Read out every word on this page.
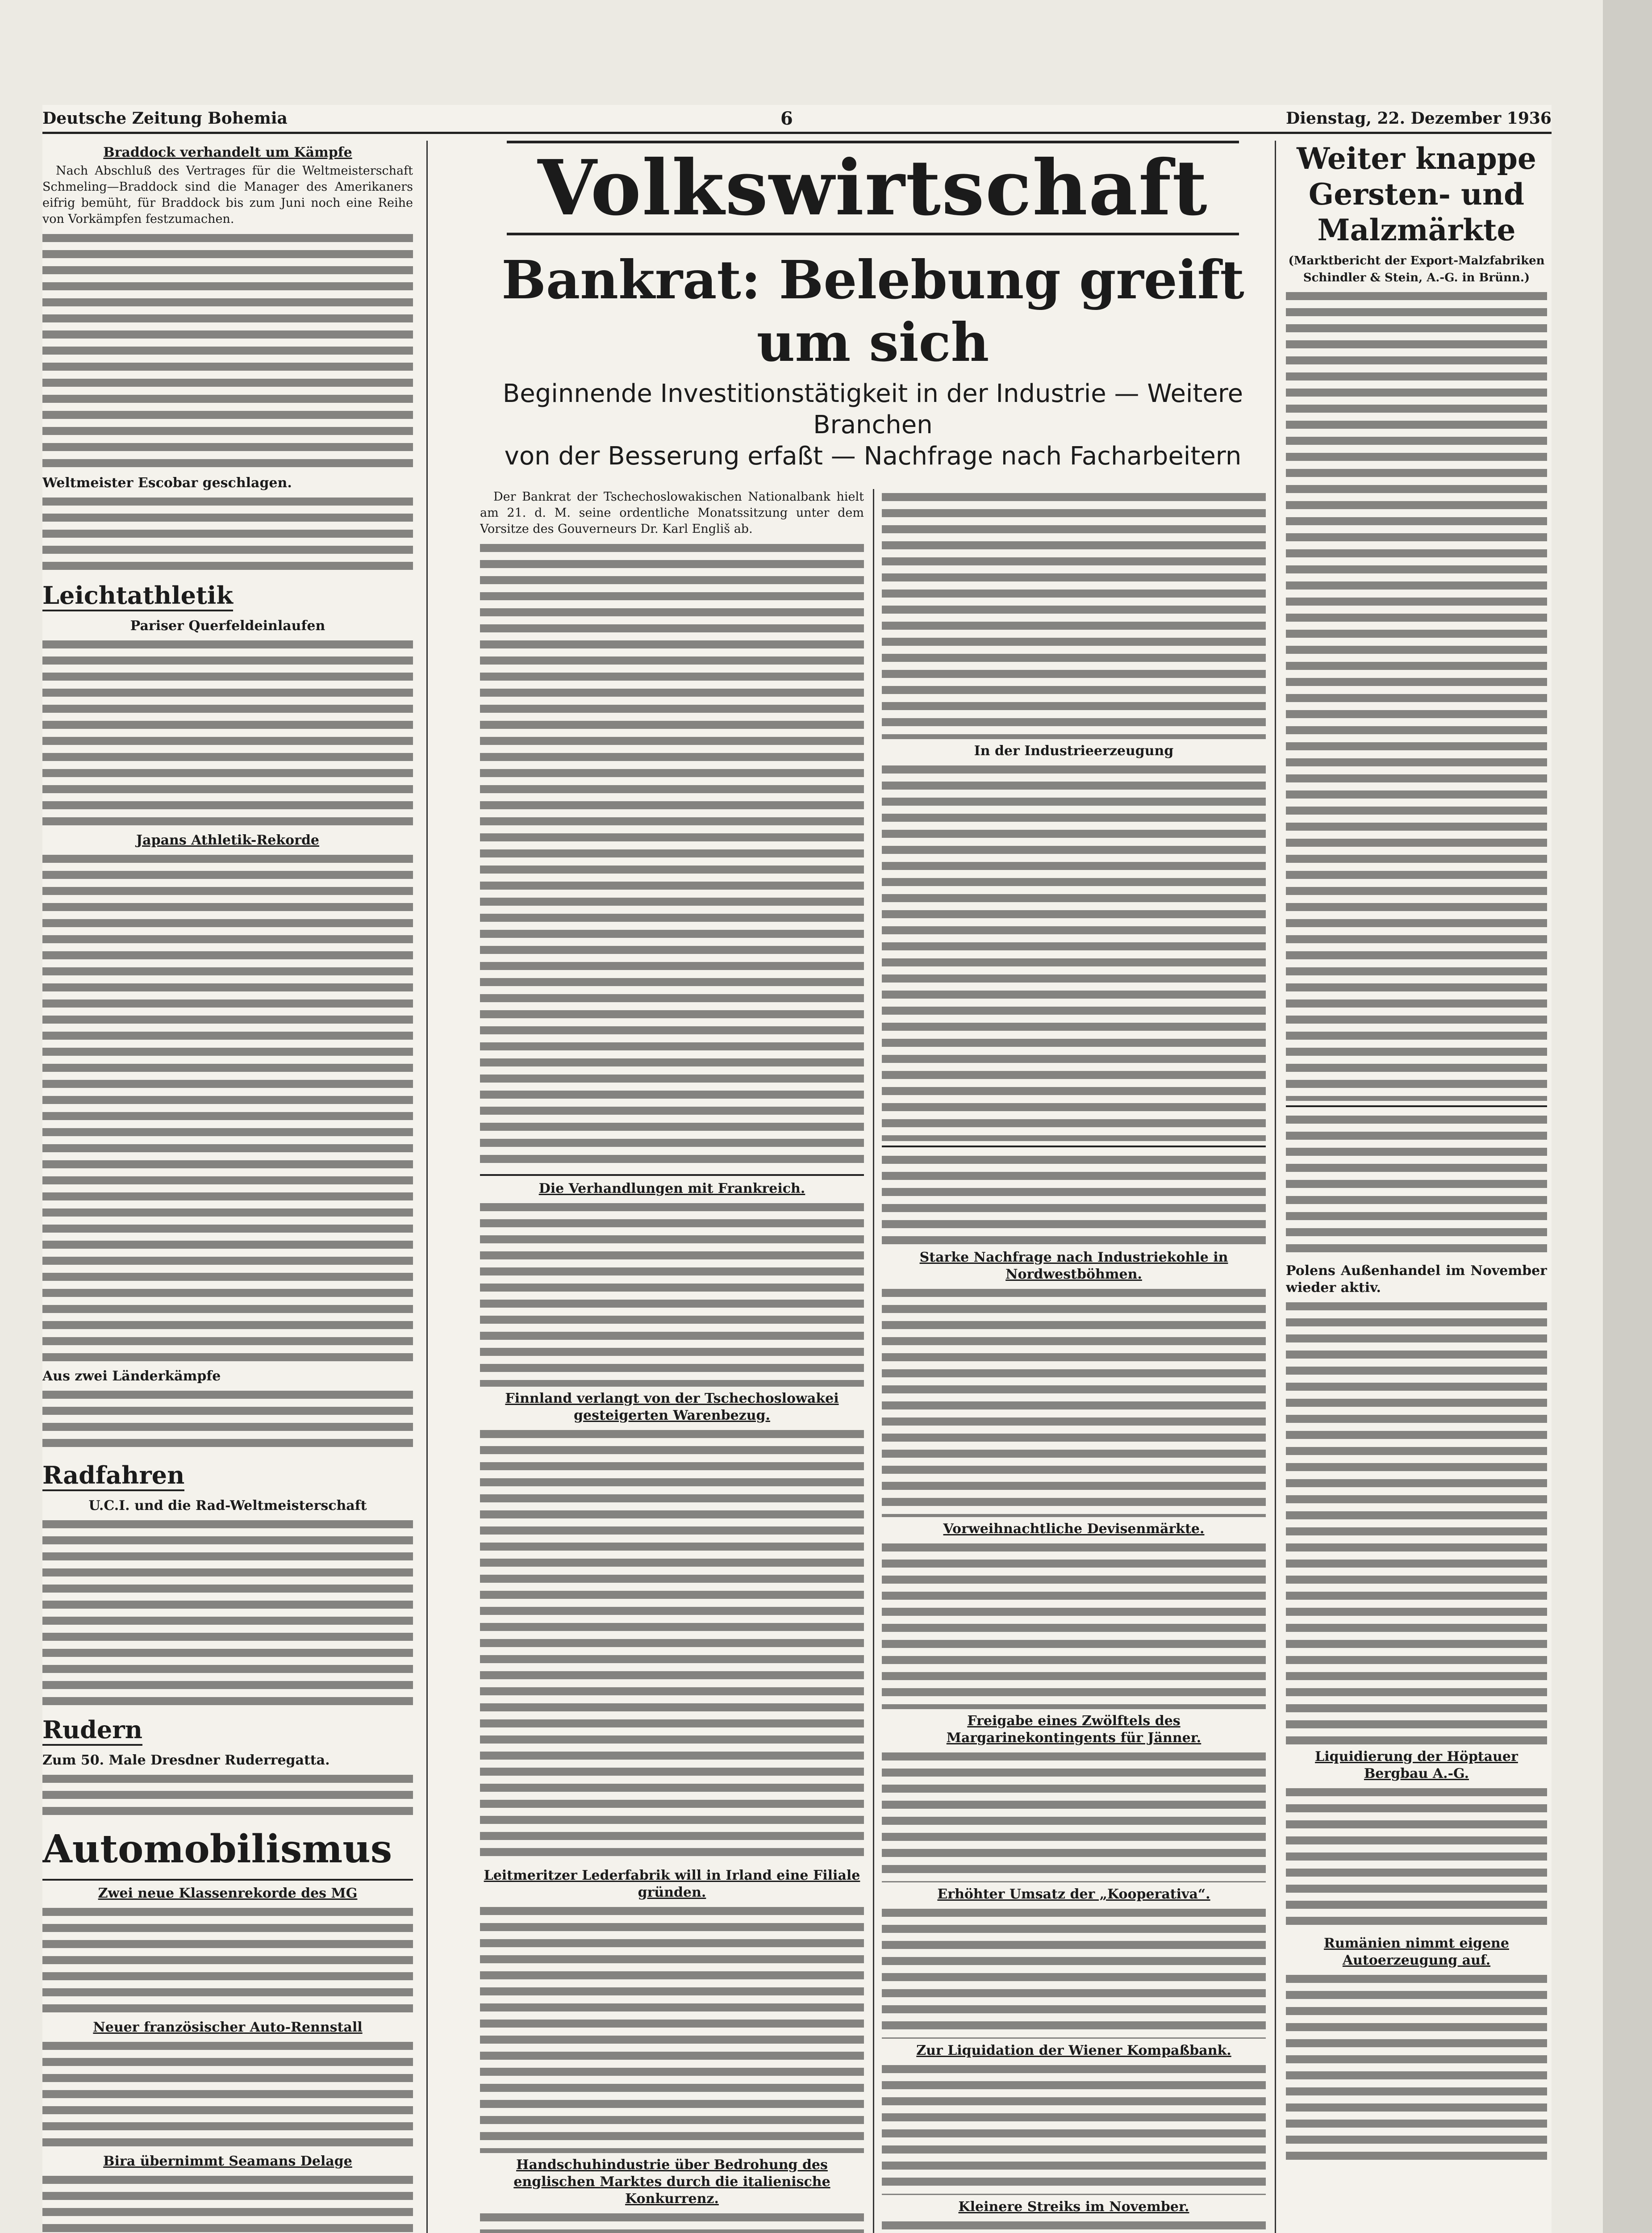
Deutsche Zeitung Bohemia	6	Dienstag, 22. Dezember 1936
Braddock verhandelt um Kämpfe

Nach Abschluß des Vertrages für die Weltmeisterschaft Schmeling—Braddock sind die Manager des Amerikaners eifrig bemüht, für Braddock bis zum Juni noch eine Reihe von Vorkämpfen festzumachen.

Weltmeister Escobar geschlagen.
Leichtathletik
Pariser Querfeldeinlaufen
Japans Athletik-Rekorde
Aus zwei Länderkämpfe
Radfahren
U.C.I. und die Rad-Weltmeisterschaft
Rudern
Zum 50. Male Dresdner Ruderregatta.
Automobilismus
Zwei neue Klassenrekorde des MG
Neuer französischer Auto-Rennstall
Bira übernimmt Seamans Delage
Volkswirtschaft
Bankrat: Belebung greift um sich
Beginnende Investitionstätigkeit in der Industrie — Weitere Branchen
von der Besserung erfaßt — Nachfrage nach Facharbeitern

Der Bankrat der Tschechoslowakischen Nationalbank hielt am 21. d. M. seine ordentliche Monatssitzung unter dem Vorsitze des Gouverneurs Dr. Karl Engliš ab.

Die Verhandlungen mit Frankreich.
Finnland verlangt von der Tschechoslowakei gesteigerten Warenbezug.
Leitmeritzer Lederfabrik will in Irland eine Filiale gründen.
Handschuhindustrie über Bedrohung des englischen Marktes durch die italienische Konkurrenz.
In der Industrieerzeugung
Starke Nachfrage nach Industriekohle in Nordwestböhmen.
Vorweihnachtliche Devisenmärkte.
Freigabe eines Zwölftels des Margarinekontingents für Jänner.
Erhöhter Umsatz der „Kooperativa“.
Zur Liquidation der Wiener Kompaßbank.
Kleinere Streiks im November.
Weiter knappe Gersten- und Malzmärkte
(Marktbericht der Export-Malzfabriken Schindler & Stein, A.-G. in Brünn.)
Polens Außenhandel im November wieder aktiv.
Liquidierung der Höptauer Bergbau A.-G.
Rumänien nimmt eigene Autoerzeugung auf.
